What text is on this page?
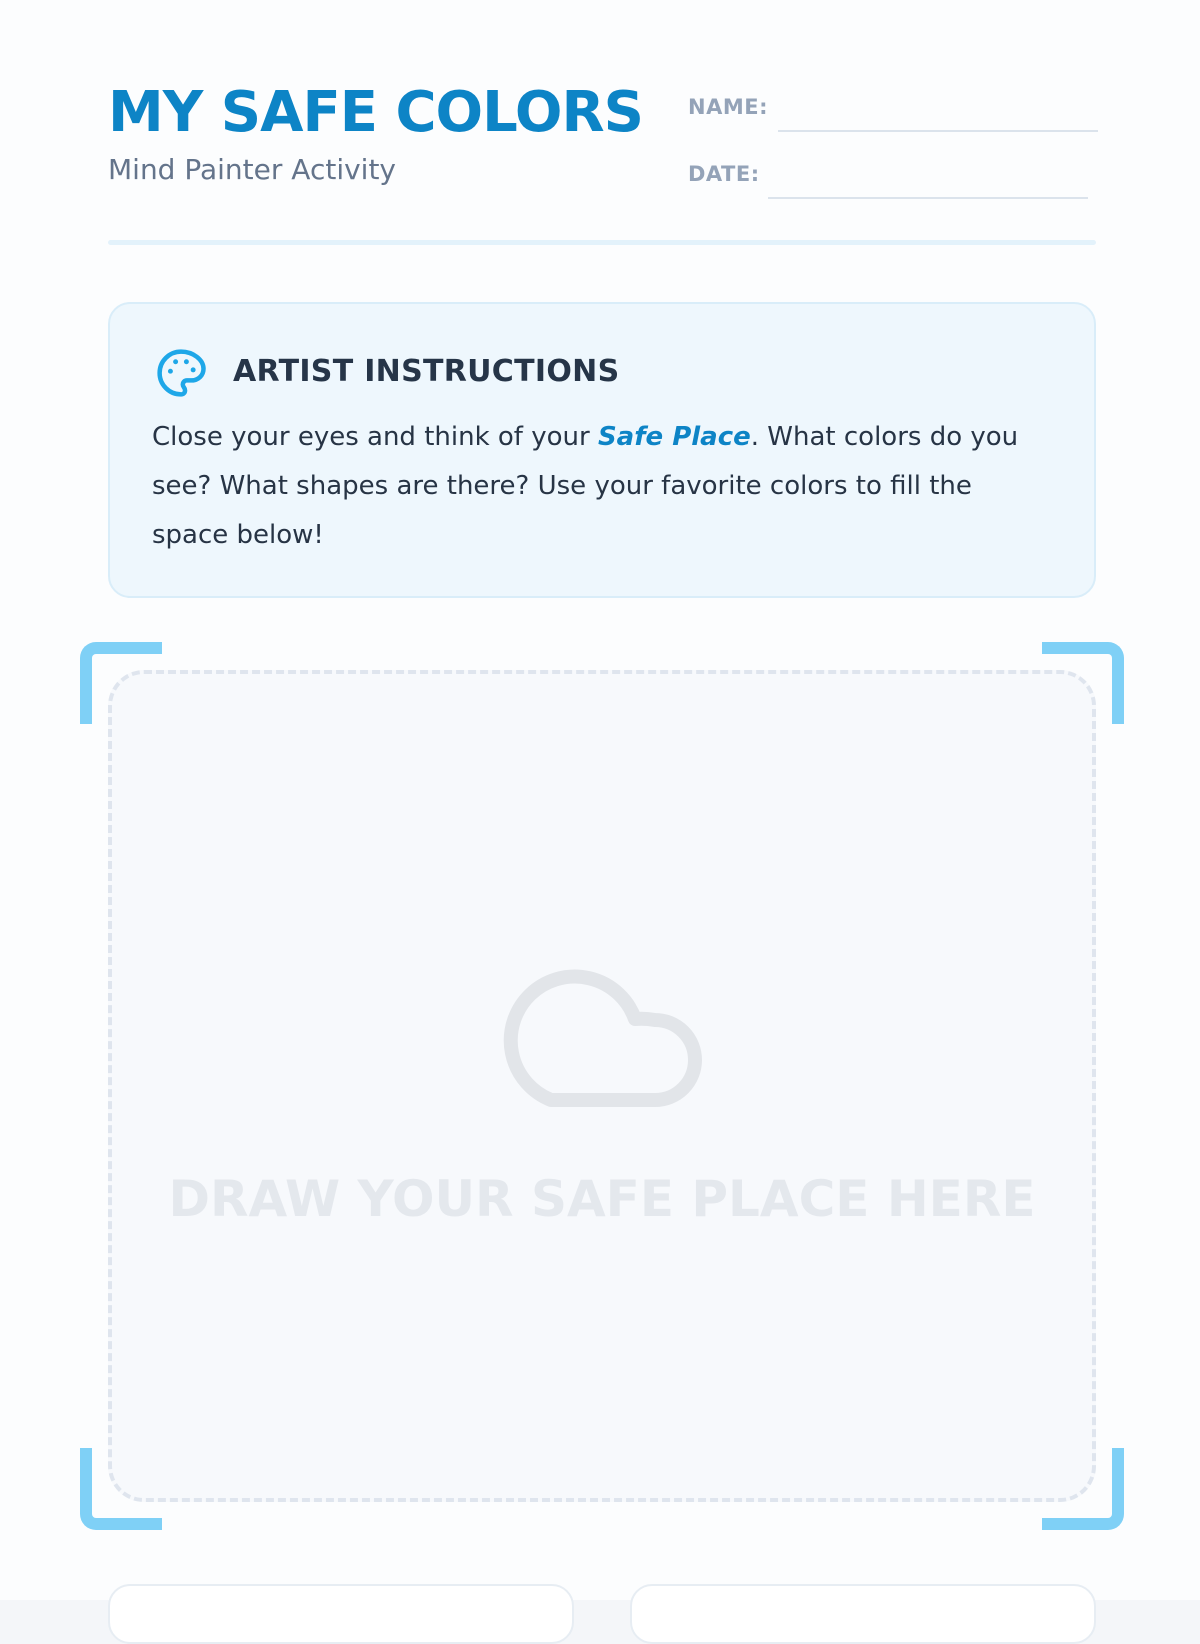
MY SAFE COLORS
Mind Painter Activity
NAME:
DATE:
ARTIST INSTRUCTIONS

Close your eyes and think of your Safe Place. What colors do you see? What shapes are there? Use your favorite colors to fill the space below!

DRAW YOUR SAFE PLACE HERE
